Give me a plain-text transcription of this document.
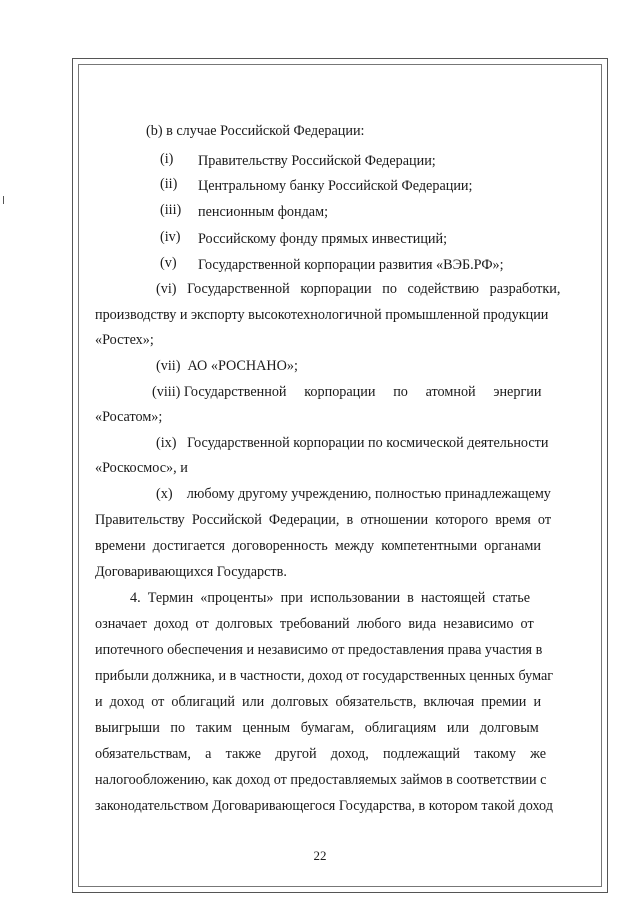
(b) в случае Российской Федерации:
(i) Правительству Российской Федерации;
(ii) Центральному банку Российской Федерации;
(iii) пенсионным фондам;
(iv) Российскому фонду прямых инвестиций;
(v) Государственной корпорации развития «ВЭБ.РФ»;
(vi)   Государственной   корпорации   по   содействию   разработки,
производству и экспорту высокотехнологичной промышленной продукции
«Ростех»;
(vii)  АО «РОСНАНО»;
(viii) Государственной     корпорации     по     атомной     энергии
«Росатом»;
(ix)   Государственной корпорации по космической деятельности
«Роскосмос», и
(x)    любому другому учреждению, полностью принадлежащему
Правительству  Российской  Федерации,  в  отношении  которого  время  от
времени  достигается  договоренность  между  компетентными  органами
Договаривающихся Государств.
4.  Термин  «проценты»  при  использовании  в  настоящей  статье
означает  доход  от  долговых  требований  любого  вида  независимо  от
ипотечного обеспечения и независимо от предоставления права участия в
прибыли должника, и в частности, доход от государственных ценных бумаг
и  доход  от  облигаций  или  долговых  обязательств,  включая  премии  и
выигрыши   по   таким   ценным   бумагам,   облигациям   или   долговым
обязательствам,    а    также    другой    доход,    подлежащий    такому    же
налогообложению, как доход от предоставляемых займов в соответствии с
законодательством Договаривающегося Государства, в котором такой доход
22
